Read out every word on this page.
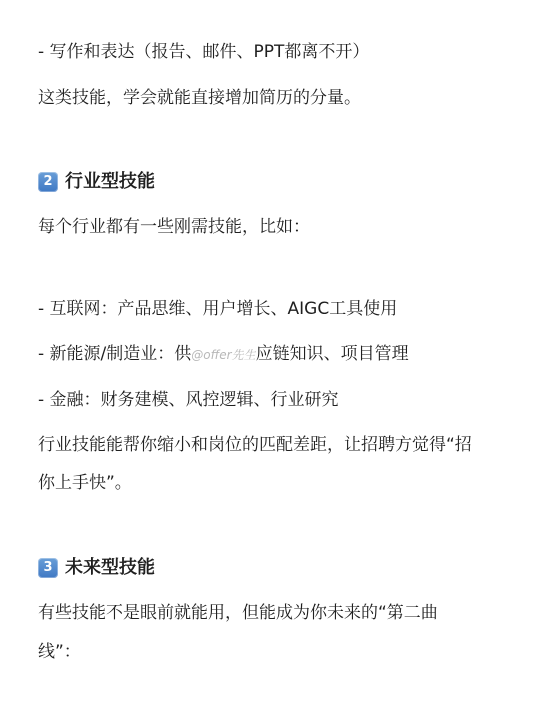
- 写作和表达（报告、邮件、PPT都离不开）
这类技能，学会就能直接增加简历的分量。
2 行业型技能
每个行业都有一些刚需技能，比如：
- 互联网：产品思维、用户增长、AIGC工具使用
- 新能源/制造业：供@offer先生应链知识、项目管理
- 金融：财务建模、风控逻辑、行业研究
行业技能能帮你缩小和岗位的匹配差距，让招聘方觉得“招
你上手快”。
3 未来型技能
有些技能不是眼前就能用，但能成为你未来的“第二曲
线”：
